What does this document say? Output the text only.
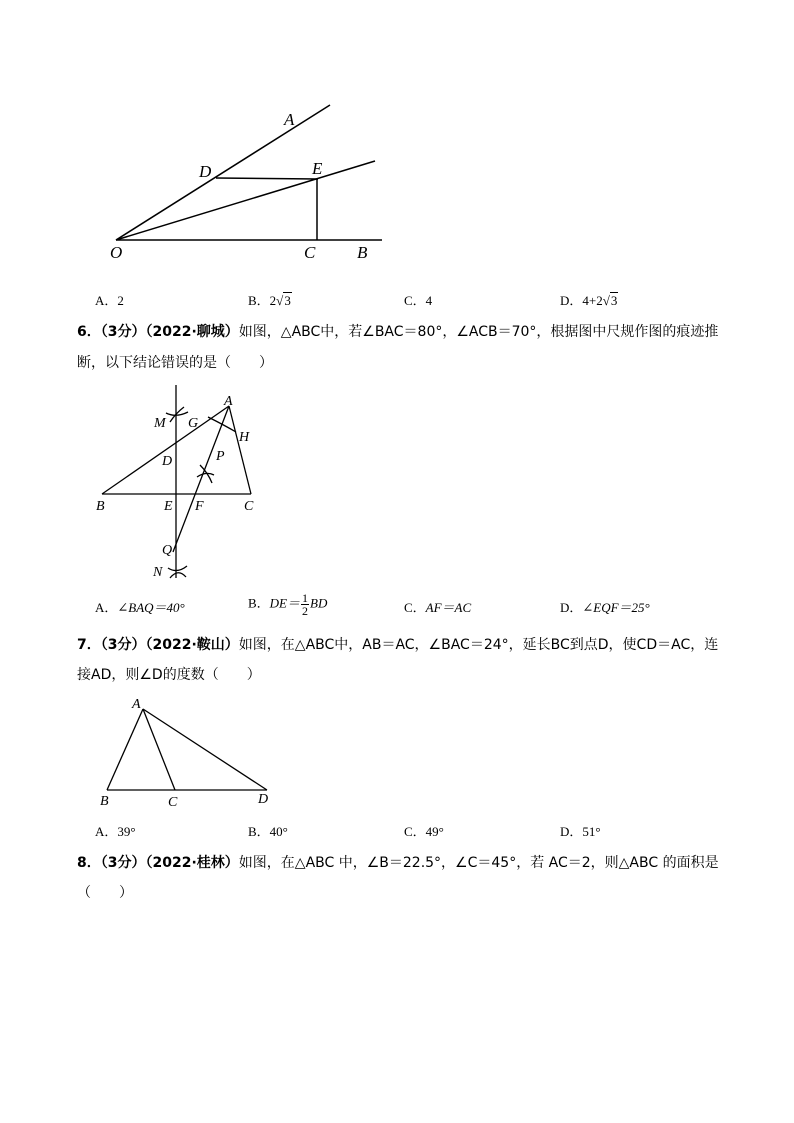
A
D	E
O	C B
A．2	B．2√3	C．4	D．4+2√3
6．（3分）（2022·聊城）如图，△ABC中，若∠BAC＝80°，∠ACB＝70°，根据图中尺规作图的痕迹推
断，以下结论错误的是（　　）
A
M G
H
D	P
B	E F	C
Q
N
A．∠BAQ＝40°	B．$DE= \frac{1}{2}$ BD	C．AF＝AC	D．∠EQF＝25°
7．（3分）（2022·鞍山）如图，在△ABC中，AB＝AC，∠BAC＝24°，延长BC到点D，使CD＝AC，连
接AD，则∠D的度数（　　）
A
B	C	D
A．39°	B．40°	C．49°	D．51°
8．（3分）（2022·桂林）如图，在△ABC 中，∠B＝22.5°，∠C＝45°，若 AC＝2，则△ABC 的面积是
（　　）
